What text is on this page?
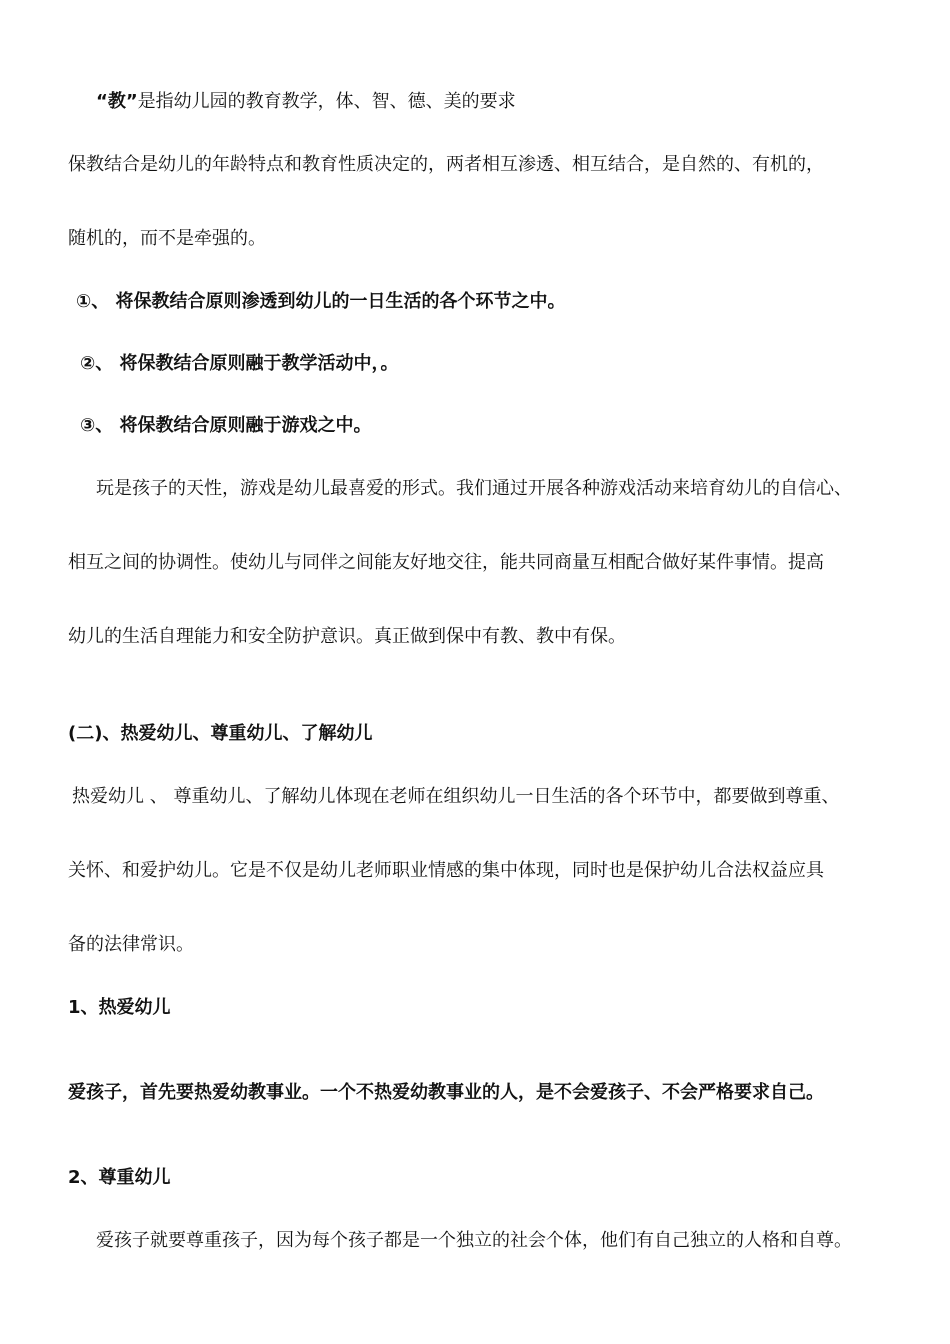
“教”是指幼儿园的教育教学，体、智、德、美的要求

保教结合是幼儿的年龄特点和教育性质决定的，两者相互渗透、相互结合，是自然的、有机的，

随机的，而不是牵强的。

①、 将保教结合原则渗透到幼儿的一日生活的各个环节之中。

②、 将保教结合原则融于教学活动中，。

③、 将保教结合原则融于游戏之中。

玩是孩子的天性，游戏是幼儿最喜爱的形式。我们通过开展各种游戏活动来培育幼儿的自信心、

相互之间的协调性。使幼儿与同伴之间能友好地交往，能共同商量互相配合做好某件事情。提高

幼儿的生活自理能力和安全防护意识。真正做到保中有教、教中有保。

(二)、热爱幼儿、尊重幼儿、了解幼儿

热爱幼儿 、 尊重幼儿、了解幼儿体现在老师在组织幼儿一日生活的各个环节中，都要做到尊重、

关怀、和爱护幼儿。它是不仅是幼儿老师职业情感的集中体现，同时也是保护幼儿合法权益应具

备的法律常识。

1、热爱幼儿

爱孩子，首先要热爱幼教事业。一个不热爱幼教事业的人，是不会爱孩子、不会严格要求自己。

2、尊重幼儿

爱孩子就要尊重孩子，因为每个孩子都是一个独立的社会个体，他们有自己独立的人格和自尊。
